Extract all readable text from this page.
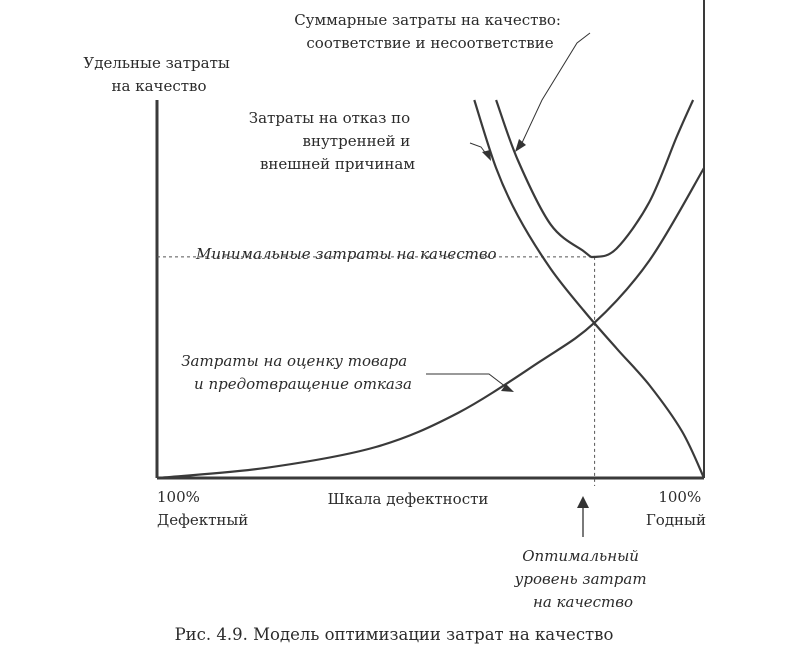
Удельные затраты на качество
Суммарные затраты на качество: соответствие и несоответствие
Затраты на отказ по внутренней и внешней причинам
Минимальные затраты на качество
Затраты на оценку товара и предотвращение отказа
100% Дефектный
Шкала дефектности	100% Годный
Оптимальный уровень затрат на качество
Рис. 4.9. Модель оптимизации затрат на качество
